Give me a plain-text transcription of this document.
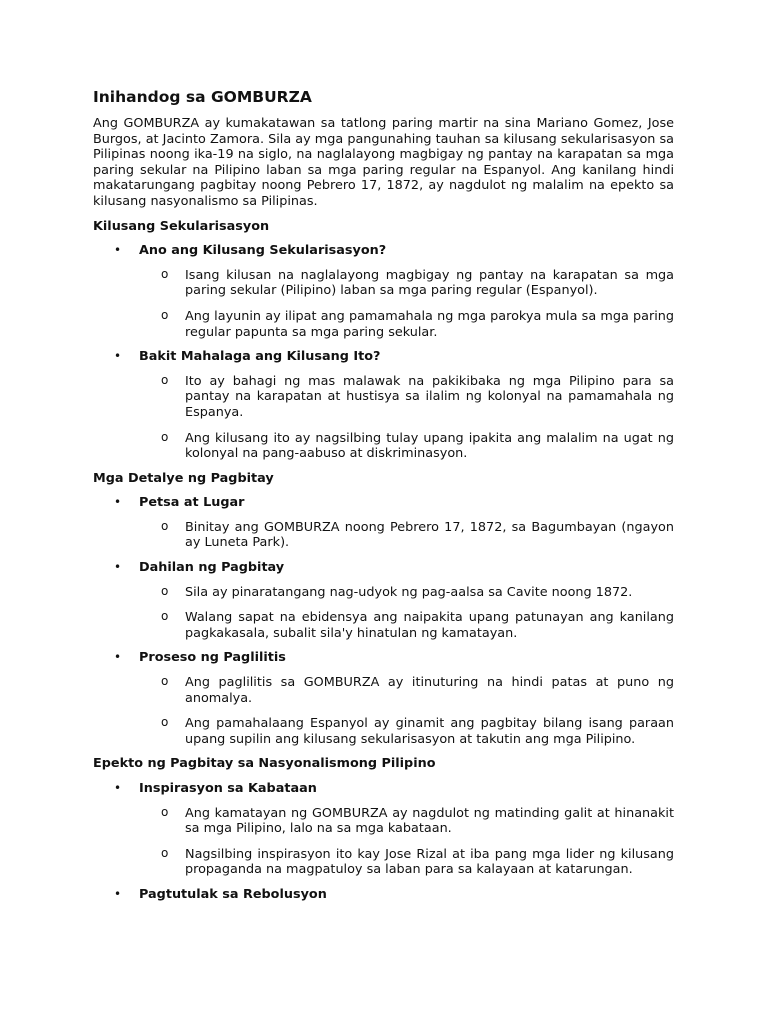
Inihandog sa GOMBURZA

Ang GOMBURZA ay kumakatawan sa tatlong paring martir na sina Mariano Gomez, Jose Burgos, at Jacinto Zamora. Sila ay mga pangunahing tauhan sa kilusang sekularisasyon sa Pilipinas noong ika-19 na siglo, na naglalayong magbigay ng pantay na karapatan sa mga paring sekular na Pilipino laban sa mga paring regular na Espanyol. Ang kanilang hindi makatarungang pagbitay noong Pebrero 17, 1872, ay nagdulot ng malalim na epekto sa kilusang nasyonalismo sa Pilipinas.

Kilusang Sekularisasyon
• Ano ang Kilusang Sekularisasyon?
o Isang kilusan na naglalayong magbigay ng pantay na karapatan sa mga paring sekular (Pilipino) laban sa mga paring regular (Espanyol).
o Ang layunin ay ilipat ang pamamahala ng mga parokya mula sa mga paring regular papunta sa mga paring sekular.
• Bakit Mahalaga ang Kilusang Ito?
o Ito ay bahagi ng mas malawak na pakikibaka ng mga Pilipino para sa pantay na karapatan at hustisya sa ilalim ng kolonyal na pamamahala ng Espanya.
o Ang kilusang ito ay nagsilbing tulay upang ipakita ang malalim na ugat ng kolonyal na pang-aabuso at diskriminasyon.
Mga Detalye ng Pagbitay
• Petsa at Lugar
o Binitay ang GOMBURZA noong Pebrero 17, 1872, sa Bagumbayan (ngayon ay Luneta Park).
• Dahilan ng Pagbitay
o Sila ay pinaratangang nag-udyok ng pag-aalsa sa Cavite noong 1872.
o Walang sapat na ebidensya ang naipakita upang patunayan ang kanilang pagkakasala, subalit sila'y hinatulan ng kamatayan.
• Proseso ng Paglilitis
o Ang paglilitis sa GOMBURZA ay itinuturing na hindi patas at puno ng anomalya.
o Ang pamahalaang Espanyol ay ginamit ang pagbitay bilang isang paraan upang supilin ang kilusang sekularisasyon at takutin ang mga Pilipino.
Epekto ng Pagbitay sa Nasyonalismong Pilipino
• Inspirasyon sa Kabataan
o Ang kamatayan ng GOMBURZA ay nagdulot ng matinding galit at hinanakit sa mga Pilipino, lalo na sa mga kabataan.
o Nagsilbing inspirasyon ito kay Jose Rizal at iba pang mga lider ng kilusang propaganda na magpatuloy sa laban para sa kalayaan at katarungan.
• Pagtutulak sa Rebolusyon
